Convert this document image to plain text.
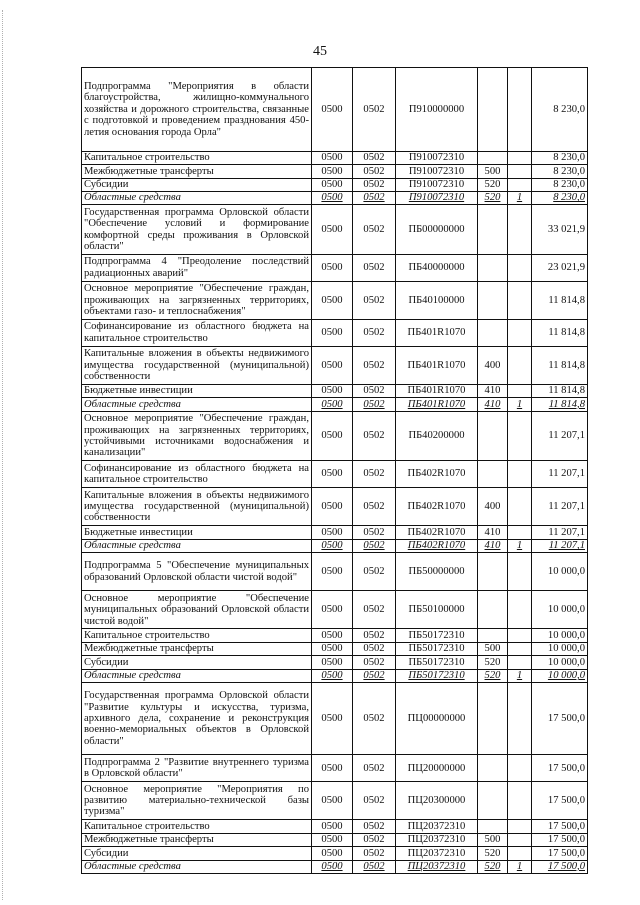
45
Подпрограмма "Мероприятия в области благоустройства, жилищно-коммунального хозяйства и дорожного строительства, связанные с подготовкой и проведением празднования 450-летия основания города Орла"	0500	0502	П910000000			8 230,0
Капитальное строительство	0500	0502	П910072310			8 230,0
Межбюджетные трансферты	0500	0502	П910072310	500		8 230,0
Субсидии	0500	0502	П910072310	520		8 230,0
Областные средства	0500	0502	П910072310	520	1	8 230,0
Государственная программа Орловской области "Обеспечение условий и формирование комфортной среды проживания в Орловской области"	0500	0502	ПБ00000000			33 021,9
Подпрограмма 4 "Преодоление последствий радиационных аварий"	0500	0502	ПБ40000000			23 021,9
Основное мероприятие "Обеспечение граждан, проживающих на загрязненных территориях, объектами газо- и теплоснабжения"	0500	0502	ПБ40100000			11 814,8
Софинансирование из областного бюджета на капитальное строительство	0500	0502	ПБ401R1070			11 814,8
Капитальные вложения в объекты недвижимого имущества государственной (муниципальной) собственности	0500	0502	ПБ401R1070	400		11 814,8
Бюджетные инвестиции	0500	0502	ПБ401R1070	410		11 814,8
Областные средства	0500	0502	ПБ401R1070	410	1	11 814,8
Основное мероприятие "Обеспечение граждан, проживающих на загрязненных территориях, устойчивыми источниками водоснабжения и канализации"	0500	0502	ПБ40200000			11 207,1
Софинансирование из областного бюджета на капитальное строительство	0500	0502	ПБ402R1070			11 207,1
Капитальные вложения в объекты недвижимого имущества государственной (муниципальной) собственности	0500	0502	ПБ402R1070	400		11 207,1
Бюджетные инвестиции	0500	0502	ПБ402R1070	410		11 207,1
Областные средства	0500	0502	ПБ402R1070	410	1	11 207,1
Подпрограмма 5 "Обеспечение муниципальных образований Орловской области чистой водой"	0500	0502	ПБ50000000			10 000,0
Основное мероприятие "Обеспечение муниципальных образований Орловской области чистой водой"	0500	0502	ПБ50100000			10 000,0
Капитальное строительство	0500	0502	ПБ50172310			10 000,0
Межбюджетные трансферты	0500	0502	ПБ50172310	500		10 000,0
Субсидии	0500	0502	ПБ50172310	520		10 000,0
Областные средства	0500	0502	ПБ50172310	520	1	10 000,0
Государственная программа Орловской области "Развитие культуры и искусства, туризма, архивного дела, сохранение и реконструкция военно-мемориальных объектов в Орловской области"	0500	0502	ПЦ00000000			17 500,0
Подпрограмма 2 "Развитие внутреннего туризма в Орловской области"	0500	0502	ПЦ20000000			17 500,0
Основное мероприятие "Мероприятия по развитию материально-технической базы туризма"	0500	0502	ПЦ20300000			17 500,0
Капитальное строительство	0500	0502	ПЦ20372310			17 500,0
Межбюджетные трансферты	0500	0502	ПЦ20372310	500		17 500,0
Субсидии	0500	0502	ПЦ20372310	520		17 500,0
Областные средства	0500	0502	ПЦ20372310	520	1	17 500,0
